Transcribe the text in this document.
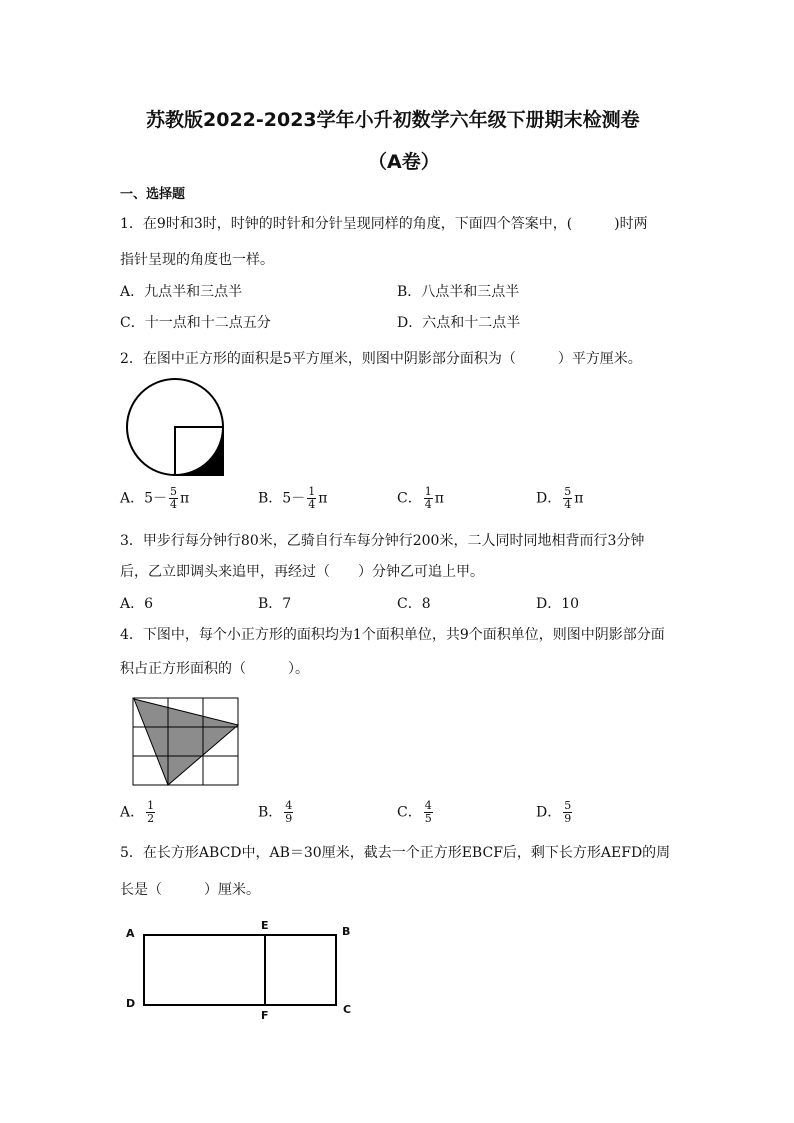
苏教版2022-2023学年小升初数学六年级下册期末检测卷
（A卷）
一、选择题
1．在9时和3时，时钟的时针和分针呈现同样的角度，下面四个答案中，(　　　)时两
指针呈现的角度也一样。
A．九点半和三点半	B．八点半和三点半
C．十一点和十二点五分	D．六点和十二点半
2．在图中正方形的面积是5平方厘米，则图中阴影部分面积为（　　　）平方厘米。
A．$5- \frac{5}{4}$ π	B．$5- \frac{1}{4}$ π	C． $\frac{1}{4}$ π	D． $\frac{5}{4}$ π
3．甲步行每分钟行80米，乙骑自行车每分钟行200米，二人同时同地相背而行3分钟
后，乙立即调头来追甲，再经过（　　）分钟乙可追上甲。
A．6	B．7	C．8	D．10
4．下图中，每个小正方形的面积均为1个面积单位，共9个面积单位，则图中阴影部分面
积占正方形面积的（　　　）。
A． $\frac{1}{2}$	B． $\frac{4}{9}$	C． $\frac{4}{5}$	D． $\frac{5}{9}$
5．在长方形ABCD中，AB＝30厘米，截去一个正方形EBCF后，剩下长方形AEFD的周
长是（　　　）厘米。
A
E	B
D
F	C
